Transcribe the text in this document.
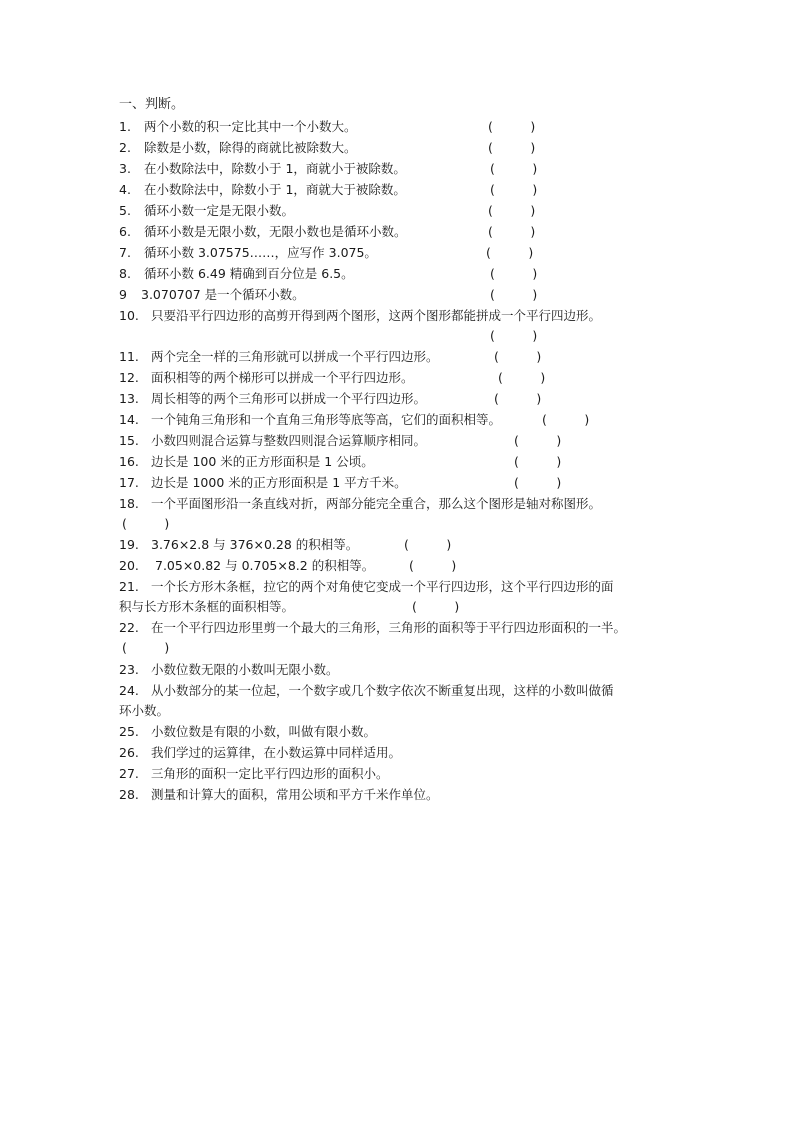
一、判断。
1. 两个小数的积一定比其中一个小数大。	(　　　)
2. 除数是小数，除得的商就比被除数大。	(　　　)
3. 在小数除法中，除数小于 1，商就小于被除数。	(　　　)
4. 在小数除法中，除数小于 1，商就大于被除数。	(　　　)
5. 循环小数一定是无限小数。	(　　　)
6. 循环小数是无限小数，无限小数也是循环小数。	(　　　)
7. 循环小数 3.07575……，应写作 3.075。	(　　　)
8. 循环小数 6.49 精确到百分位是 6.5。	(　　　)
9 3.070707 是一个循环小数。	(　　　)
10. 只要沿平行四边形的高剪开得到两个图形，这两个图形都能拼成一个平行四边形。
(　　　)
11. 两个完全一样的三角形就可以拼成一个平行四边形。	(　　　)
12. 面积相等的两个梯形可以拼成一个平行四边形。	(　　　)
13. 周长相等的两个三角形可以拼成一个平行四边形。	(　　　)
14. 一个钝角三角形和一个直角三角形等底等高，它们的面积相等。	(　　　)
15. 小数四则混合运算与整数四则混合运算顺序相同。	(　　　)
16. 边长是 100 米的正方形面积是 1 公顷。	(　　　)
17. 边长是 1000 米的正方形面积是 1 平方千米。	(　　　)
18. 一个平面图形沿一条直线对折，两部分能完全重合，那么这个图形是轴对称图形。
(　　　)
19. 3.76×2.8 与 376×0.28 的积相等。	(　　　)
20. 7.05×0.82 与 0.705×8.2 的积相等。	(　　　)
21. 一个长方形木条框，拉它的两个对角使它变成一个平行四边形，这个平行四边形的面
积与长方形木条框的面积相等。	(　　　)
22. 在一个平行四边形里剪一个最大的三角形，三角形的面积等于平行四边形面积的一半。
(　　　)
23. 小数位数无限的小数叫无限小数。
24. 从小数部分的某一位起，一个数字或几个数字依次不断重复出现，这样的小数叫做循
环小数。
25. 小数位数是有限的小数，叫做有限小数。
26. 我们学过的运算律，在小数运算中同样适用。
27. 三角形的面积一定比平行四边形的面积小。
28. 测量和计算大的面积，常用公顷和平方千米作单位。
